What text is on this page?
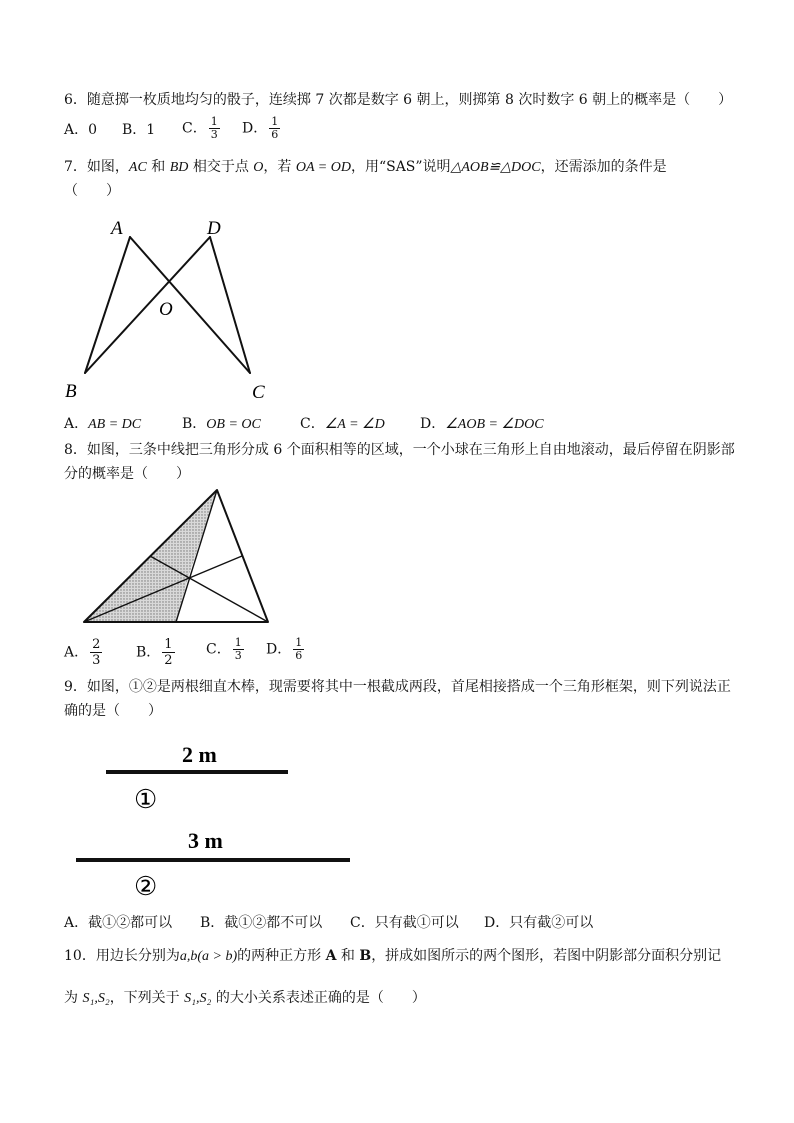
6．随意掷一枚质地均匀的骰子，连续掷 7 次都是数字 6 朝上，则掷第 8 次时数字 6 朝上的概率是（　　）
A．0 B．1 C． $\frac{1}{3}$ D． $\frac{1}{6}$
7．如图，AC 和 BD 相交于点 O，若 OA = OD，用“SAS”说明△AOB≌△DOC，还需添加的条件是
（　　）
A	D
O
B	C
A．AB = DC	B．OB = OC	C．∠A = ∠D	D．∠AOB = ∠DOC
8．如图，三条中线把三角形分成 6 个面积相等的区域，一个小球在三角形上自由地滚动，最后停留在阴影部
分的概率是（　　）
A． $\frac{2}{3}$ B． $\frac{1}{2}$ C． $\frac{1}{3}$ D． $\frac{1}{6}$
9．如图，①②是两根细直木棒，现需要将其中一根截成两段，首尾相接搭成一个三角形框架，则下列说法正
确的是（　　）
2 m
①
3 m
②
A．截①②都可以 B．截①②都不可以 C．只有截①可以 D．只有截②可以
10．用边长分别为a,b(a > b)的两种正方形 A 和 B，拼成如图所示的两个图形，若图中阴影部分面积分别记
为 S₁,S₂，下列关于 S₁,S₂ 的大小关系表述正确的是（　　）
